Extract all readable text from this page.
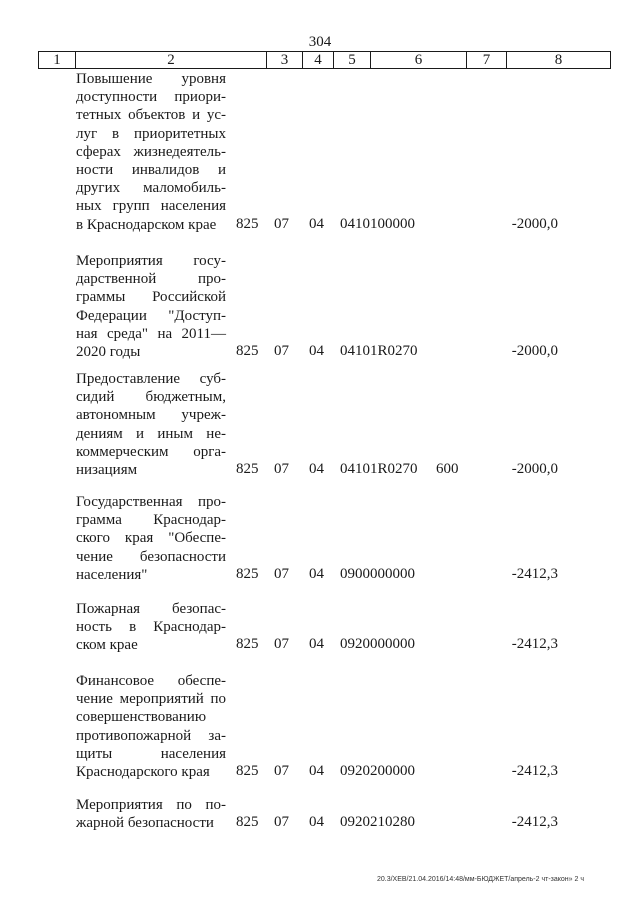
304
1	2	3	4	5	6	7	8
Повышение уровня
доступности приори-
тетных объектов и ус-
луг в приоритетных
сферах жизнедеятель-
ности инвалидов и
других маломобиль-
ных групп населения
в Краснодарском крае	825 07 04 0410100000	-2000,0
Мероприятия госу-
дарственной про-
граммы Российской
Федерации "Доступ-
ная среда" на 2011—
2020 годы	825 07 04 04101R0270	-2000,0
Предоставление суб-
сидий бюджетным,
автономным учреж-
дениям и иным не-
коммерческим орга-
низациям	825 07 04 04101R0270 600	-2000,0
Государственная про-
грамма Краснодар-
ского края "Обеспе-
чение безопасности
населения"	825 07 04 0900000000	-2412,3
Пожарная безопас-
ность в Краснодар-
ском крае	825 07 04 0920000000	-2412,3
Финансовое обеспе-
чение мероприятий по
совершенствованию
противопожарной за-
щиты населения
Краснодарского края	825 07 04 0920200000	-2412,3
Мероприятия по по-
жарной безопасности	825 07 04 0920210280	-2412,3
20.3/ХЕВ/21.04.2016/14:48/мм-БЮДЖЕТ/апрель-2 чт-закон» 2 ч
